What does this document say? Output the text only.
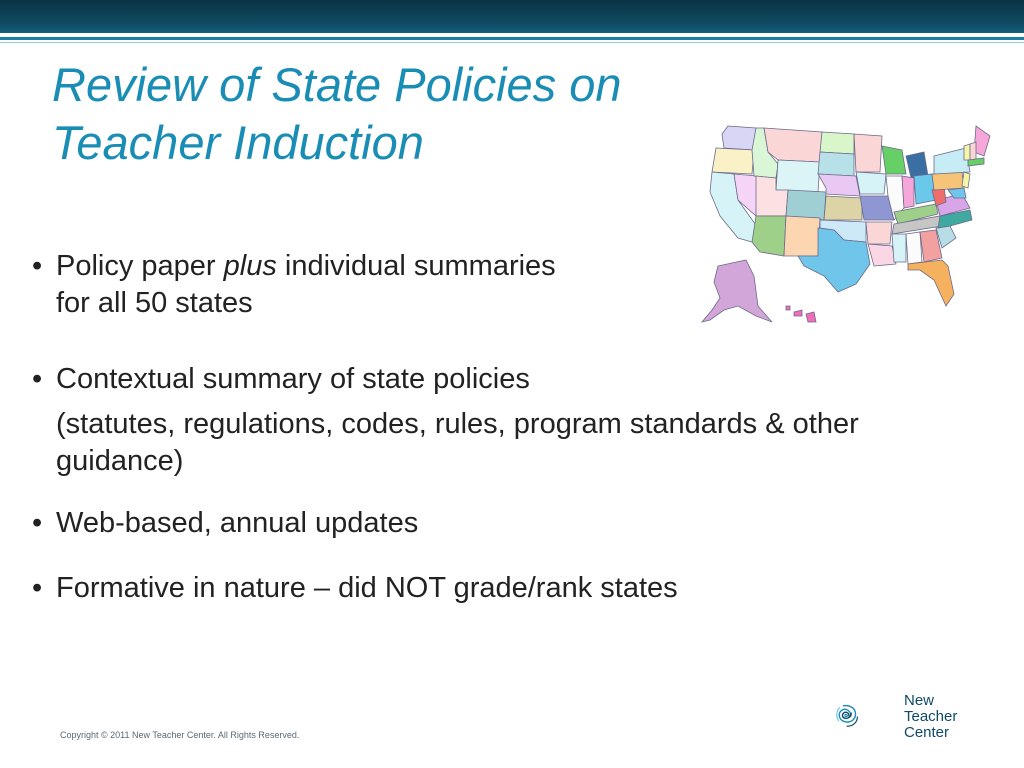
Review of State Policies on
Teacher Induction
• Policy paper plus individual summaries
for all 50 states
• Contextual summary of state policies
(statutes, regulations, codes, rules, program standards & other guidance)
• Web-based, annual updates
• Formative in nature – did NOT grade/rank states
Copyright © 2011 New Teacher Center. All Rights Reserved.
New
Teacher
Center
